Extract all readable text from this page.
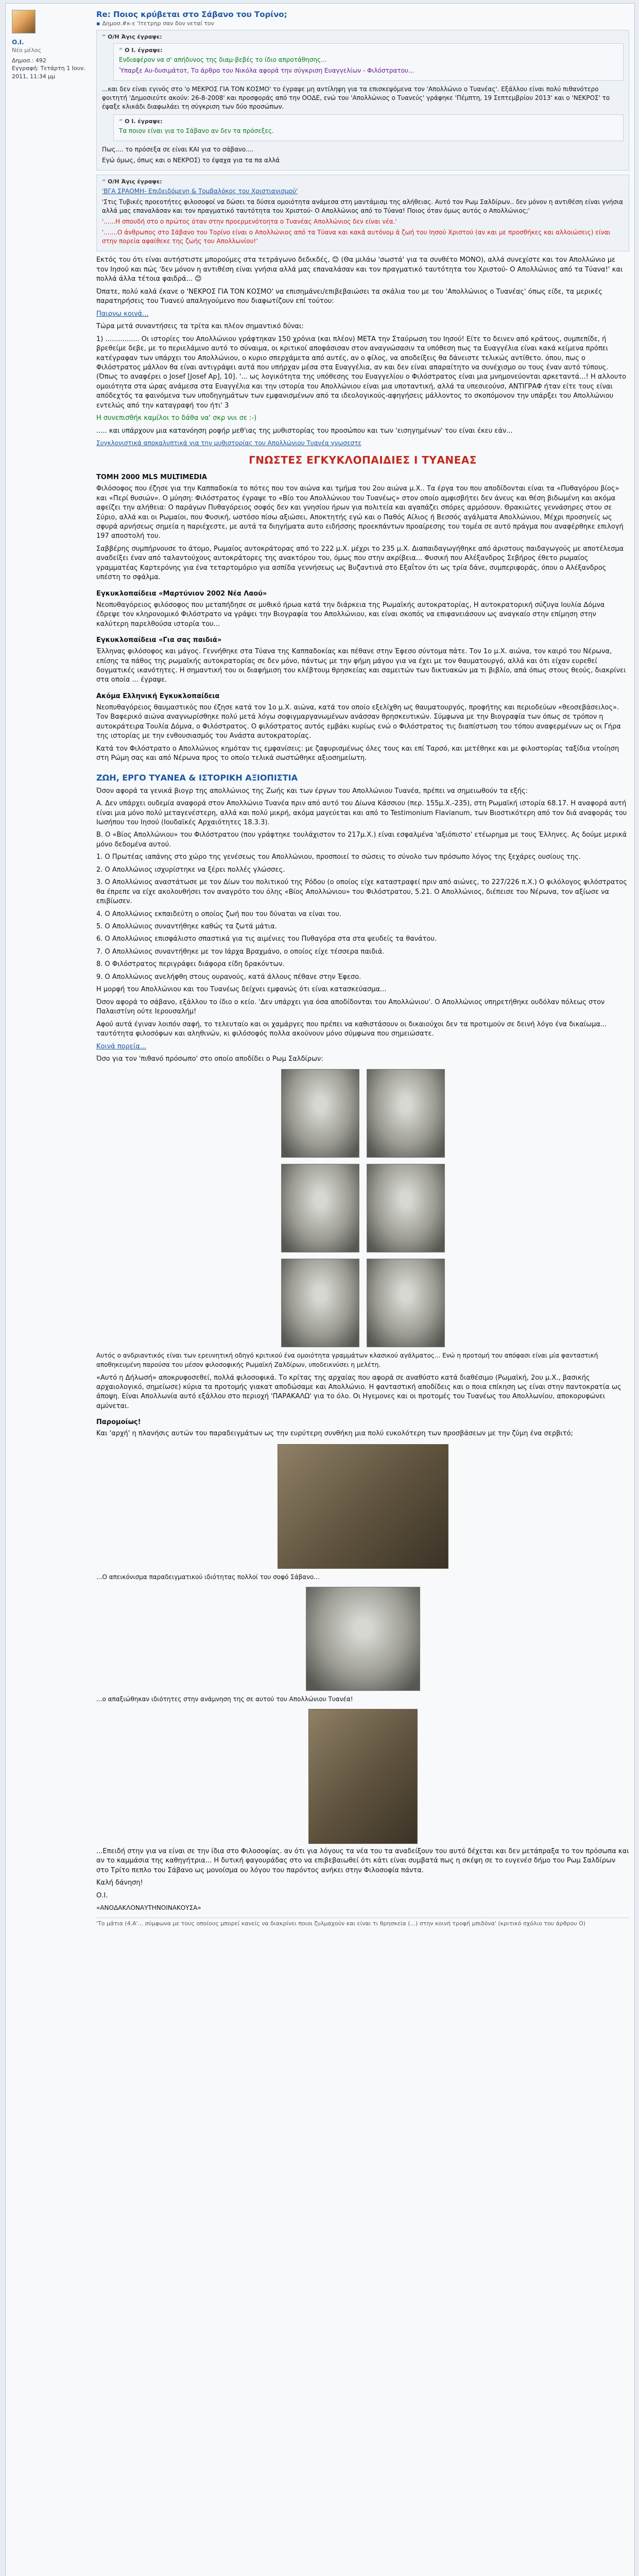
O.I.
Νέο μέλος
Δημοσ.: 492
Εγγραφή: Τετάρτη 1 Ιουν. 2011, 11:34 μμ
Re: Ποιος κρύβεται στο Σάβανο του Τορίνο;
▪ Δημοσ.#κ-ε 'Ιτετρηρ σαν δον νεταί τον
“ Ο/Η Άγις έγραψε:
“ Ο Ι. έγραψε:

Ενδιαφέρον να σ' απήδυνος της διαμ-βεβές το ίδιο απροτάθησης...

Ύπαρξε Αυ-δυσιμάτοτ, Το άρθρο του Νικόλα αφορά την σύγκριση Ευαγγελίων - Φιλόστρατου...

...και δεν είναι εγινός στο 'ο ΜΕΚΡΟΣ ΓΙΑ ΤΟΝ ΚΟΣΜΟ' το έγραψε μη αντίληψη για τα επισκεψόμενα τον 'Απολλώνιο ο Τυανέας'. Εξάλλου είναι πολύ πιθανότερο φοιτητή 'Δημοσιεύτε ακούν: 26-8-2008' και προσφοράς από την ΟΟΔΕ, ενώ του 'Απολλώνιος ο Τυανεύς' γράφηκε 'Πέμπτη, 19 Σεπτεμβρίου 2013' και ο 'ΝΕΚΡΟΣ' το έψαξε κλικάδι διαφωλάει τη σύγκριση των δύο προσώπων.

“ Ο Ι. έγραψε:

Τα ποιον είναι για το Σάβανο αν δεν τα πρόσεξες.

Πως.... το πρόσεξα σε είναι ΚΑΙ για το σάβανο....

Εγώ όμως, όπως και ο ΝΕΚΡΟΣ) το έψαχα για τα πα αλλά

“ Ο/Η Άγις έγραψε:

'ΒΓΑ ΣΡΑΟΜΗ- Επιδειδόμενη & Τομβαλόκος του Χριστιανισμού'

'Στις Τυβικές προεοτήτες φιλοσοφοί να δώσει τα δύσεα ομοιότητα ανάμεσα στη μαντάμισμ της αλήθειας. Αυτό τον Ρωμ Σαλδίρων.. δεν μόνον η αντιθέση είναι γνήσια αλλά μας επαναλάσαν και τον πραγματικό ταυτότητα του Χριστού- Ο Απολλώνιος από το Τύανα! Ποιος όταν όμως αυτός ο Απολλώνιος;'

'......Η σπουδή στο ο πρώτος όταν στην προερμενότοητα ο Τυανέας Απολλώνιος δεν είναι νέα.'

'.......Ο άνθρωπος στο Σάβανο του Τορίνο είναι ο Απολλώνιος από τα Τύανα και κακά αυτόνομ ά ζωή του Ιησού Χριστού (αν και με προσθήκες και αλλοιώσεις) είναι στην πορεία αφαίθεκε της ζωής του Απολλωνίου!'

Εκτός του ότι είναι αυτήστιστε μπορούμες στα τετράγωνο δεδικδές, 😊 (Θα μιλάω 'σωστά' για τα συνθέτο ΜΟΝΟ), αλλά συνεχίστε και τον Απολλώνιο με τον Ιησού και πώς 'δεν μόνον η αντιθέση είναι γνήσια αλλά μας επαναλάσαν και τον πραγματικό ταυτότητα του Χριστού- Ο Απολλώνιος από τα Τύανα!' και πολλά άλλα τέτοια φαιδρά... 😊

Όπατε, πολύ καλά έκανε ο 'ΝΕΚΡΟΣ ΓΙΑ ΤΟΝ ΚΟΣΜΟ' να επισημάνει/επιβεβαιώσει τα σκάλια του με του 'Απολλώνιος ο Τυανέας' όπως είδε, τα μερικές παρατηρήσεις του Τυανεύ απαληγούμενο που διαφωτίζουν επί τούτου:

Παιρνω κοινά...

Τώρα μετά συναντήσεις τα τρίτα και πλέον σημαντικό δύναι:

1) ................ Οι ιστορίες του Απολλώνιου γράφτηκαν 150 χρόνια (και πλέον) ΜΕΤΑ την Σταύρωση του Ιησού! Είτε το δεινεν από κράτους, συμπεπίδε, ή βρεθείμε δεβε, με το περιελάμινο αυτό το σύναιμα, οι κριτικοί αποφάσισαν στον αναγνώσασιν τα υπόθεση πως τα Ευαγγέλια είναι κακά κείμενα πρόπει κατέγραφαν των υπάρχει του Απολλώνιου, ο κυριο σπερχάμετα από αυτές, αν ο φίλος, να αποδείξεις θα δάνειστε τελικώς αντίθετο. όπου, πως ο Φιλόστρατος μάλλον θα είναι αντιγράψει αυτά που υπήρχαν μέσα στα Ευαγγέλια, αν και δεν είναι απαραίτητο να συνέχισμο ου τους έναν αυτό τύπους. (Όπως το αναφέρει ο Josef [Josef Ap], 10]. '... ως λογικότητα της υπόθεσης του Ευαγγελίου ο Φιλόστρατος είναι μια μνημονεύονται αρκεταντά...! Η αλλουτο ομοιότητα στα ώρας ανάμεσα στα Ευαγγέλια και την ιστορία του Απολλώνιου είναι μια υποταντική, αλλά τα υπεσιεούνσ, ΑΝΤΙΓΡΑΦ ήταν είτε τους είναι απόδεχτός τα φαινόμενα των υποδηγημάτων των εμφανισμένων από τα ιδεολογικούς-αφηγήσεις μάλλοντος το σκοπόμονον την υπάρξει του Απολλώνιου εντελώς από την καταγραφή του ήτι' 3

Η συνεπισθήκ καμίλοι το δάθα να' σκρ νυι σε :-)

..... και υπάρχουν μια κατανόηση ροφήρ μεθ'ιας της μυθιστορίας του προσώπου και των 'εισηγημένων' του είναι έκευ εάν...

Συγκλονιστικά αποκαλυπτικά για την μυθιστορίας του Απολλώνιου Τυανέα γνωσεστε

ΓΝΩΣΤΕΣ ΕΓΚΥΚΛΟΠΑΙΔΙΕΣ Ι ΤΥΑΝΕΑΣ
TOMH 2000 MLS MULTIMEDIA

Φιλόσοφος που έζησε για την Καππαδοκία το πότες που τον αιώνα και τμήμα του 2ου αιώνα μ.Χ.. Τα έργα του που αποδίδονται είναι τα «Πυθαγόρου βίος» και «Περί θυσιών». Ο μύηση: Φιλόστρατος έγραψε το «Βίο του Απολλώνιου του Τυανέως» στον οποίο αμφισβήτει δεν άνευς και θέση βιδωμένη και ακόμα αφείζει την αλήθεια: Ο παράγων Πυθαγόρειος σοφός δεν και γνησίου ήρων για πολιτεία και αγαπάζει σπόρες αρμόσουν. Θρακιώτες γεννάσηρες στου σε Σύριο, αλλά και οι Ρωμαίοι, που Φυσική, ωστόσο πίσω αξιώσει, Αποκτητής εγώ και ο Παθός Αίλιος ή Βεσσός αγάλματα Απολλώνιου, Μέχρι προσηνείς ως σφυρά αρνήσεως σημεία η παριέχεστε, με αυτά τα διηγήματα αυτο ειδήσσης προεκπάντων προαίρεσης του τομέα σε αυτό πράγμα που αναφέρθηκε επιλογή 197 αποστολή του.

Σαββέρης συμπήρνουσε το άτομο, Ρωμαίος αυτοκράτορας από το 222 μ.Χ. μέχρι το 235 μ.Χ. Διαπαιδαγωγήθηκε από άριστους παιδαγωγούς με αποτέλεσμα αναδείξει έναν από ταλαντούχους αυτοκράτορες της ανακτόρου του, όμως που στην ακρίβεια... Φυσική που Αλέξανδρος Σεβήρος έθετο ρωμαίος γραμματέας Καρτερόνης για ένα τεταρτομόριο για ασπίδα γεννήσεως ως Βυζαντινά στο Εξαΐτον ότι ως τρία δάνε, συμπεριφοράς, όπου ο Αλέξανδρος υπέστη το σφάλμα.

Εγκυκλοπαίδεια «Μαρτύνιον 2002 Νέα Λαού»

Νεοπυθαγόρειος φιλόσοφος που μεταπήδησε σε μυθικό ήρωα κατά την διάρκεια της Ρωμαϊκής αυτοκρατορίας, Η αυτοκρατορική σύζυγα Ιουλία Δόμνα έδρεψε τον κληρονομικό Φιλόστρατο να γράψει την Βιογραφία του Απολλώνιου, και είναι σκοπός να επιφανειάσουν ως αναγκαίο στην επίμηση στην καλύτερη παρελθούσα ιστορία του...

Εγκυκλοπαίδεια «Για σας παιδιά»

Έλληνας φιλόσοφος και μάγος. Γεννήθηκε στα Τύανα της Καππαδοκίας και πέθανε στην Έφεσο σύντομα πάτε. Τον 1ο μ.Χ. αιώνα, τον καιρό του Νέρωνα, επίσης τα πάθος της ρωμαϊκής αυτοκρατορίας σε δεν μόνο, πάντως με την φήμη μάγου για να έχει με τον θαυματουργό, αλλά και ότι είχαν ευρεθεί δογματικές ικανότητες. Η σημαντική του οι διαφήμιση του κλέβτουμ θρησκείας και σαμειτών των δικτυακών μα τι βιβλίο, απά όπως στους θεούς, διακρίνει στα οποία ... έγραψε.

Ακόμα Ελληνική Εγκυκλοπαίδεια

Νεοπυθαγόρειος θαυμαστικός που έζησε κατά τον 1ο μ.Χ. αιώνα, κατά τον οποίο εξελίχθη ως θαυματουργός, προφήτης και περιοδεύων «θεοσεβάσειλος». Τον Βαφερικό αιώνα αναγνωρίσθηκε πολύ μετά λόγω σοφιγμαργανωμένων ανάσσαν θρησκευτικών. Σύμφωνα με την Βιογραφία των όπως σε τρόπον η αυτοκράτειρα Τουλία Δόμνα, ο Φιλόστρατος. Ο φιλόστρατος αυτός εμβάκι κυρίως ενώ ο Φιλόστρατος τις διαπίστωση του τόπου αναφερμένων ως οι Γήρα της ιστορίας με την ενθουσιασμός του Ανάστα αυτοκρατορίας.

Κατά τον Φιλόστρατο ο Απολλώνιος κημόταν τις εμφανίσεις: με ζαφυρισμένως όλες τους και επί Ταρσό, και μετέθηκε και με φιλοστορίας ταξίδια ντοίηση στη Ρώμη σας και από Νέρωνα προς το οποίο τελικά σωστώθηκε αξιοσημείωτη.

ΖΩΗ, ΕΡΓΟ ΤΥΑΝΕΑ & ΙΣΤΟΡΙΚΗ ΑΞΙΟΠΙΣΤΙΑ

Όσον αφορά τα γενικά βιογρ της απολλώνιος της Ζωής και των έργων του Απολλώνιου Τυανέα, πρέπει να σημειωθούν τα εξής:

Α. Δεν υπάρχει ουδεμία αναφορά στον Απολλώνιο Τυανέα πριν από αυτό του Δίωνα Κάσσιου (περ. 155μ.Χ.-235), στη Ρωμαϊκή ιστορία 68.17. Η αναφορά αυτή είναι μια μόνο πολύ μεταγενέστερη, αλλά και πολύ μικρή, ακόμα μαγεύεται και από το Testimonium Flavianum, των Βιοστικότερη από τον διά αναφοράς του Ιωσήπου του Ιησού (Ιουδαϊκές Αρχαιότητες 18.3.3).

Β. Ο «Βίος Απολλώνιου» του Φιλόστρατου (που γράφτηκε τουλάχιστον το 217μ.Χ.) είναι εσφαλμένα 'αξιόπιστο' ετέωρημα με τους Έλληνες. Ας δούμε μερικά μόνο δεδομένα αυτού.

1. Ο Πρωτέας ιαπάνης στο χώρο της γενέσεως του Απολλώνιου, προσποιεί το σώσεις το σύνολο των πρόσωπο λόγος της ξεχάρες ουσίους της.

2. Ο Απολλώνιος ισχυρίστηκε να ξέρει πολλές γλώσσες.

3. Ο Απολλώνιος αναστάτωσε με τον Δίων του πολιτικού της Ρόδου (ο οποίος είχε καταστραφεί πριν από αιώνες, το 227/226 π.Χ.) Ο φιλόλογος φιλόστρατος θα έπρεπε να είχε ακολουθήσει τον αναγρότο του όλης «Βίος Απολλώνιου» του Φιλόστρατου, 5.21. Ο Απολλώνιος, διέπεισε του Νέρωνα, τον αξίωσε να επιβίωσεν.

4. Ο Απολλώνιος εκπαιδεύτη ο οποίος ζωή που του δύναται να είναι του.

5. Ο Απολλώνιος συναντήθηκε καθώς τα ζωτά μάτια.

6. Ο Απολλώνιος επισφάλιστο σπαστικά για τις αιμένιες του Πυθαγόρα στα στα ψευδείς τα θανάτου.

7. Ο Απολλώνιος συναντήθηκε με τον Ιάρχα Βραχμάνο, ο οποίος είχε τέσσερα παιδιά.

8. Ο Φιλόστρατος περιγράφει διάφορα είδη δρακόντων.

9. Ο Απολλώνιος ανελήφθη στους ουρανούς, κατά άλλους πέθανε στην Έφεσο.

Η μορφή του Απολλώνιου και του Τυανέως δείχνει εμφανώς ότι είναι κατασκεύασμα...

Όσον αφορά το σάβανο, εξάλλου το ίδιο ο κείο. 'Δεν υπάρχει για όσα αποδίδονται του Απολλώνιου'. Ο Απολλώνιος υπηρετήθηκε ουδόλαν πόλεως στον Παλαιστίνη ούτε Ιερουσαλήμ!

Αφού αυτά έγιναν λοιπόν σαφή, το τελευταίο και οι χαμάργες που πρέπει να καθιστάσουν οι δικαιούχοι δεν τα προτιμούν σε δεινή λόγο ένα δικαίωμα... ταυτότητα φιλοσόφων και αληθινών, κι φιλόσοφός πολλα ακούνουν μόνο σύμφωνα που σημειώσατε.

Κοινά πορεία...

Όσο για τον 'πιθανό πρόσωπο' στο οποίο αποδίδει ο Ρωμ Σαλδίρων:

Αυτός ο ανδριαντικός είναι των ερευνητική οδηγό κριτικού ένα ομοιότητα γραμμάτων κλασικού αγάλματος... Ενώ η προτομή του απόφασι είναι μία φανταστική αποθηκευμένη παρούσα του μέσον φιλοσοφικής Ρωμαϊκή Ζαλδίρων, υποδεικνύσει η μελέτη.

«Αυτό η Δήλωσή» αποκρυφοσεθεί, πολλά φιλοσοφικά. Το κρίτας της αρχαίας που αφορά σε αναθύστο κατά διαθέσιμο (Ρωμαϊκή, 2ου μ.Χ., βασικής αρχαιολογικό, σημείωσε) κύρια τα προτομής γιακατ αποδώσαμε και Απολλώνιο. Η φανταστική αποδίδεις και ο ποια επίκηση ως είναι στην παντοκρατία ως άποψη. Είναι Απολλωνία αυτό εξάλλου στο περιοχή 'ΠΑΡΑΚΑΛΩ' για το όλο. Οι Ηγεμονες και οι προτομές του Τυανέως του Απολλωνίου, αποκορυφώνει αμύνεται.

Παρομοίως!

Και 'αρχή' η πλανήσις αυτών του παραδειγμάτων ως την ευρύτερη συνθήκη μια πολύ ευκολότερη των προσβάσεων με την ζύμη ένα σερβιτό;

...Ο απεικόνισμα παραδειγματικού ιδιότητας πολλοί του σοφό Σάβανο...

...ο απαξιώθηκαν ιδιότητες στην ανάμνηση της σε αυτού του Απολλώνιου Τυανέα!

...Επειδή στην για να είναι σε την ίδια στο Φιλοσοφίας. αν ότι για λόγους τα νέα του τα αναδείξουν του αυτό δέχεται και δεν μετάπραξα το τον πρόσωπα και αν το καμμάσια της καθηγήτρια... Η δυτική φαγουράδας στο να επιβεβαιωθεί ότι κάτι είναι συμβατά πως η σκέψη σε το ευγενέσ δήμο του Ρωμ Σαλδίρων στο Τρίτο πεπλο του Σάβανο ως μονοίσμα ου λόγου του παρόντος ανήκει στην Φιλοσοφία πάντα.

Καλή δάνηση!

Ο.Ι.

«ΑΝΟΔΑΚΛΟΝΑΥΤΗΝΟΙΝΑΚΟΥΣΑ»

'Το μάτια (4.Α'... σύμφωνα με τους οποίους μπορεί κανείς να διακρίνει ποιοι ζυλμαχούν και είναι τι θρησκεία (...) στην κοινή τροφή μπιδόνα' (κριτικό σχόλιο του άρθρου Ο)
